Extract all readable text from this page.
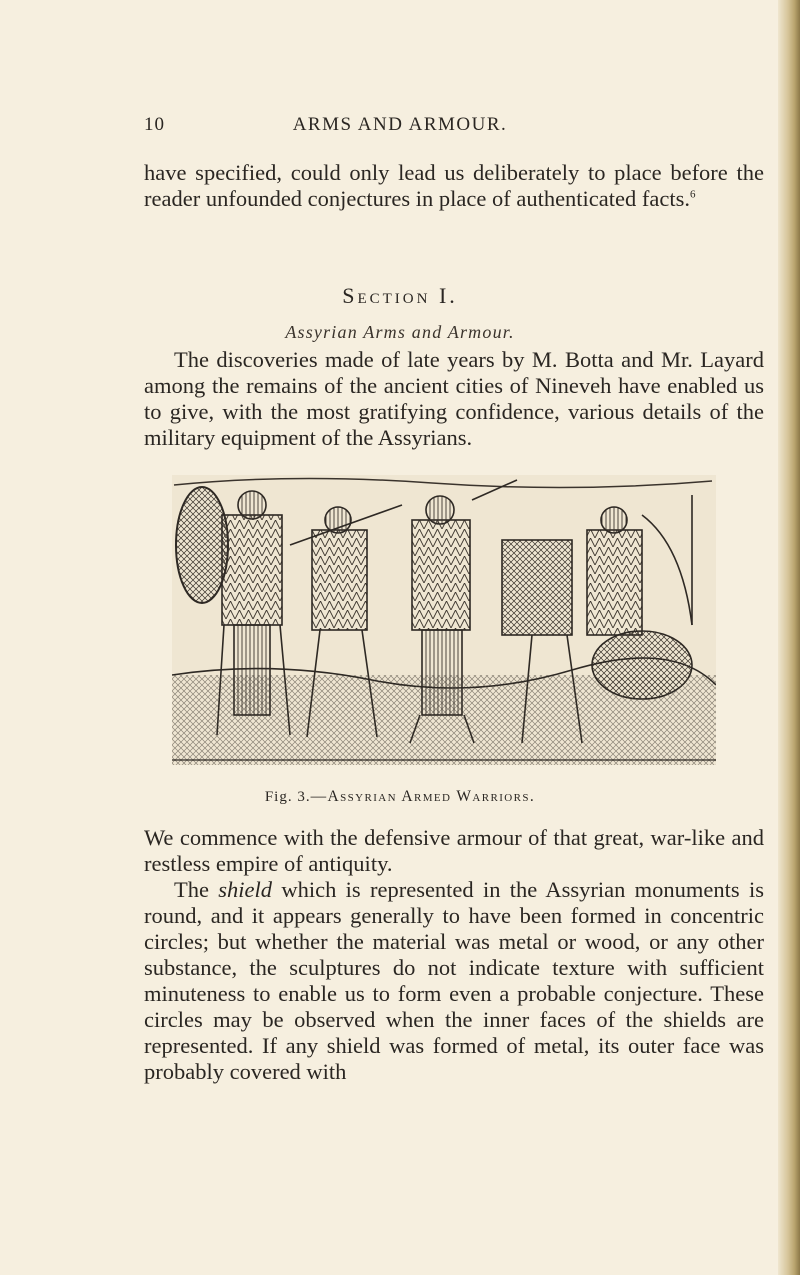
10	ARMS AND ARMOUR.

have specified, could only lead us deliberately to place before the reader unfounded conjectures in place of authenticated facts.$^6$

Section I.
Assyrian Arms and Armour.

The discoveries made of late years by M. Botta and Mr. Layard among the remains of the ancient cities of Nineveh have enabled us to give, with the most gratifying confidence, various details of the military equipment of the Assyrians.

Fig. 3.—Assyrian Armed Warriors.

We commence with the defensive armour of that great, war-like and restless empire of antiquity.

The shield which is represented in the Assyrian monuments is round, and it appears generally to have been formed in concentric circles; but whether the material was metal or wood, or any other substance, the sculptures do not indicate texture with sufficient minuteness to enable us to form even a probable conjecture. These circles may be observed when the inner faces of the shields are represented. If any shield was formed of metal, its outer face was probably covered with
